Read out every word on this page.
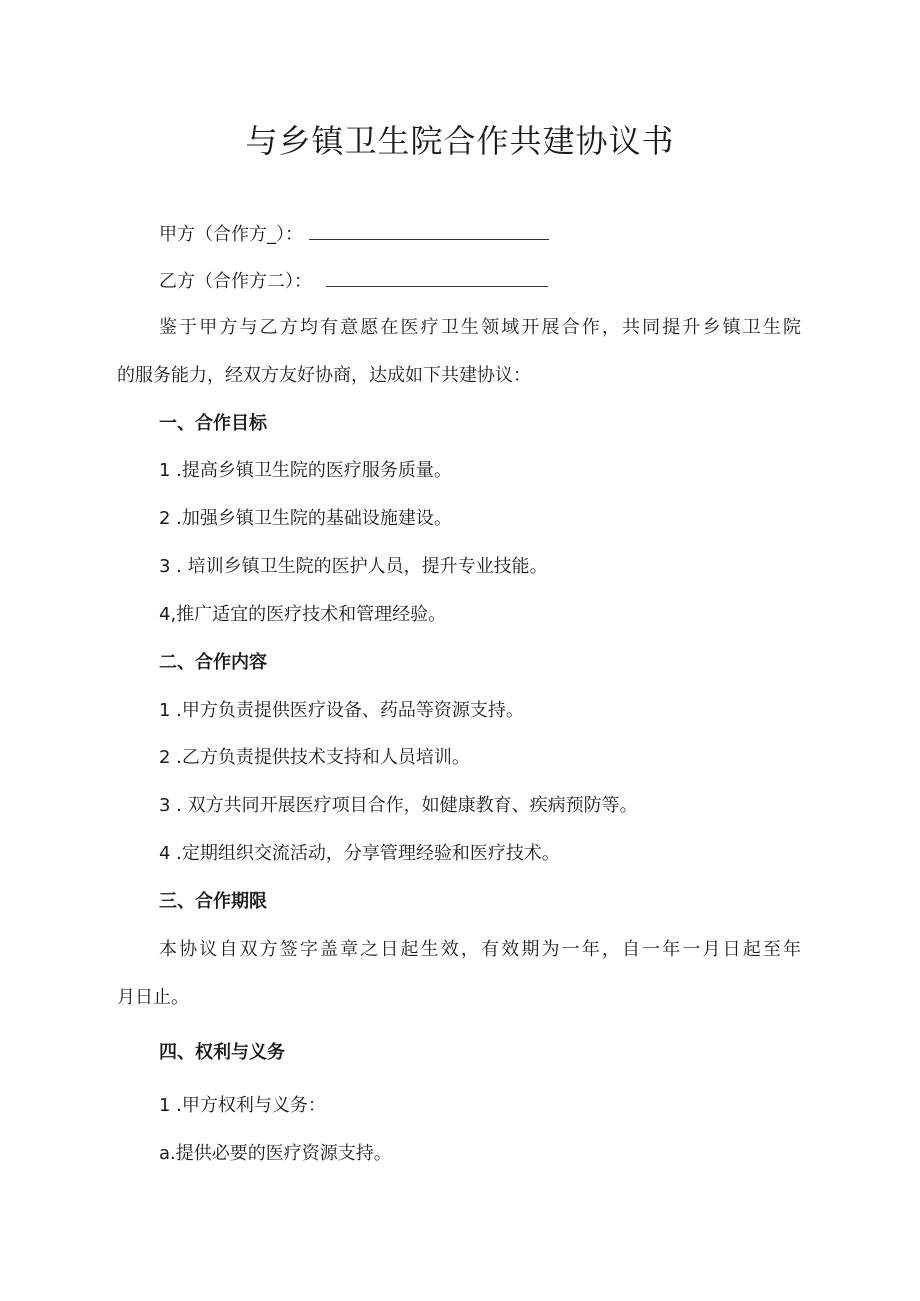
与乡镇卫生院合作共建协议书
甲方（合作方_）：
乙方（合作方二）：
鉴于甲方与乙方均有意愿在医疗卫生领域开展合作，共同提升乡镇卫生院
的服务能力，经双方友好协商，达成如下共建协议：
一、合作目标
1 .提高乡镇卫生院的医疗服务质量。
2 .加强乡镇卫生院的基础设施建设。
3 . 培训乡镇卫生院的医护人员，提升专业技能。
4,推广适宜的医疗技术和管理经验。
二、合作内容
1 .甲方负责提供医疗设备、药品等资源支持。
2 .乙方负责提供技术支持和人员培训。
3 . 双方共同开展医疗项目合作，如健康教育、疾病预防等。
4 .定期组织交流活动，分享管理经验和医疗技术。
三、合作期限
本协议自双方签字盖章之日起生效，有效期为一年，自一年一月日起至年
月日止。
四、权利与义务
1 .甲方权利与义务：
a.提供必要的医疗资源支持。
